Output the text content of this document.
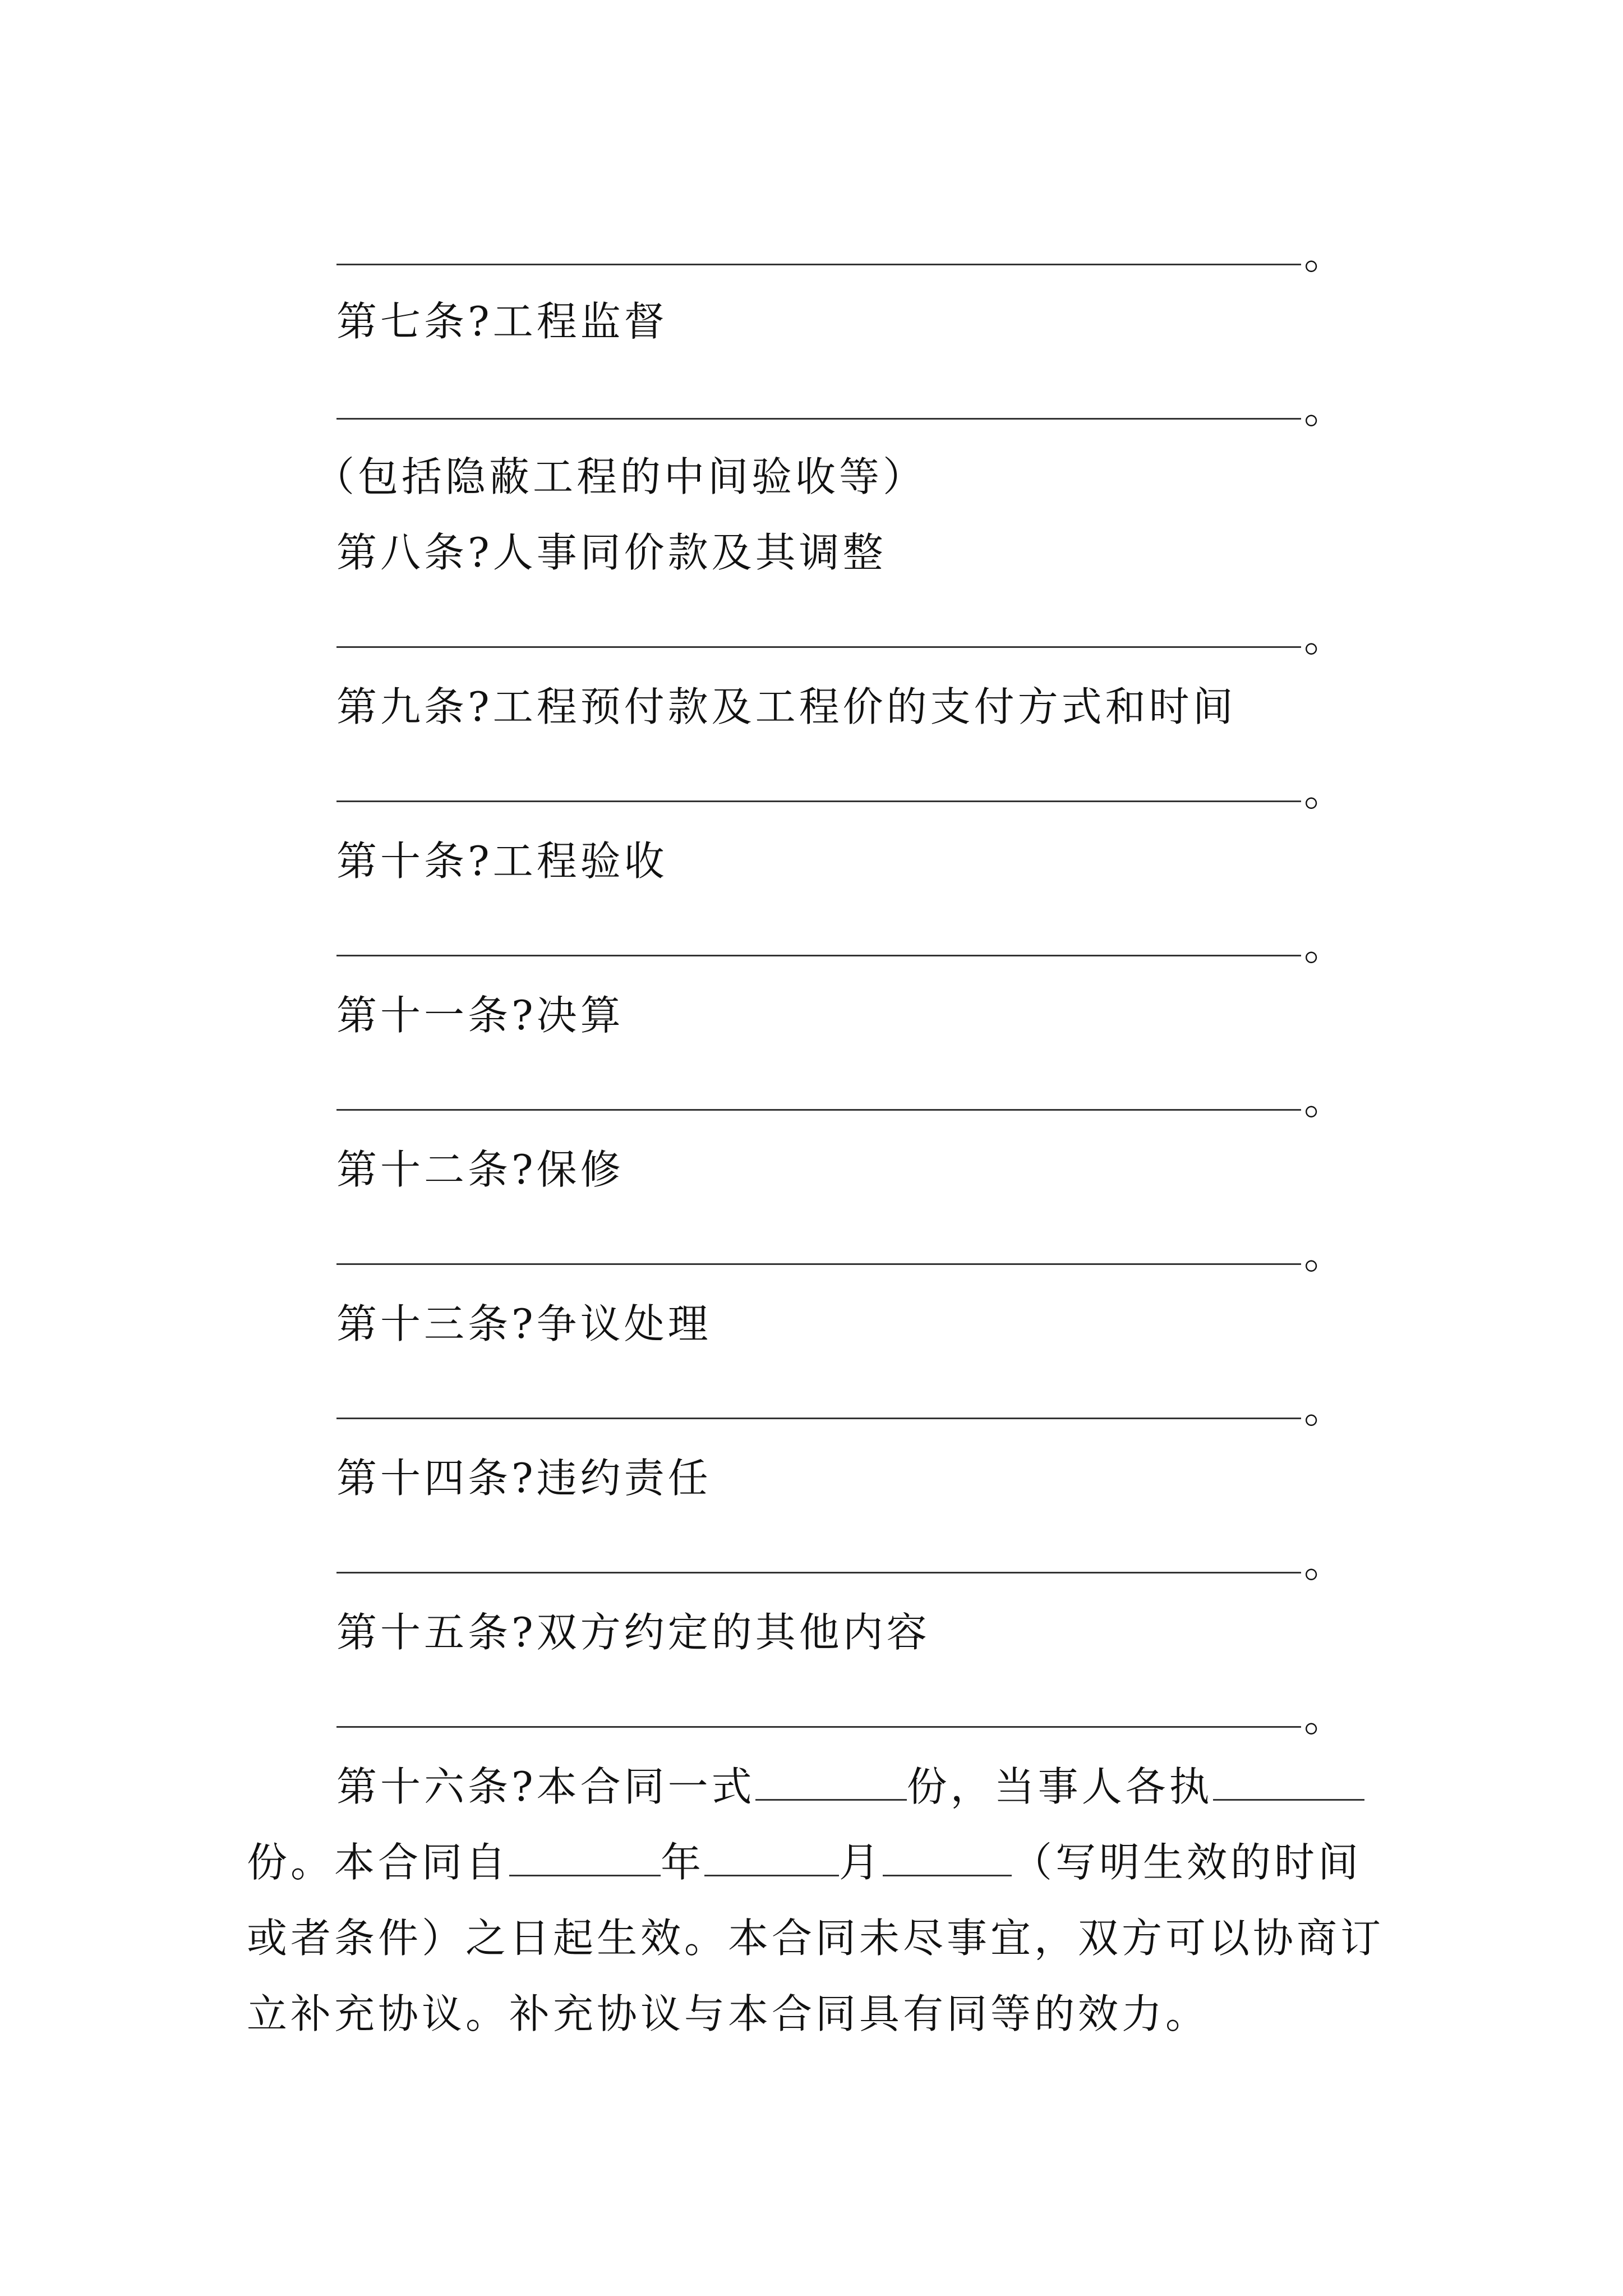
。
第七条?工程监督
。
（包括隐蔽工程的中间验收等）
第八条?人事同价款及其调整
。
第九条?工程预付款及工程价的支付方式和时间
。
第十条?工程验收
。
第十一条?决算
。
第十二条?保修
。
第十三条?争议处理
。
第十四条?违约责任
。
第十五条?双方约定的其他内容
。
第十六条?本合同一式	份，当事人各执
份。本合同自	年	月	（写明生效的时间
或者条件）之日起生效。本合同未尽事宜，双方可以协商订
立补充协议。补充协议与本合同具有同等的效力。
